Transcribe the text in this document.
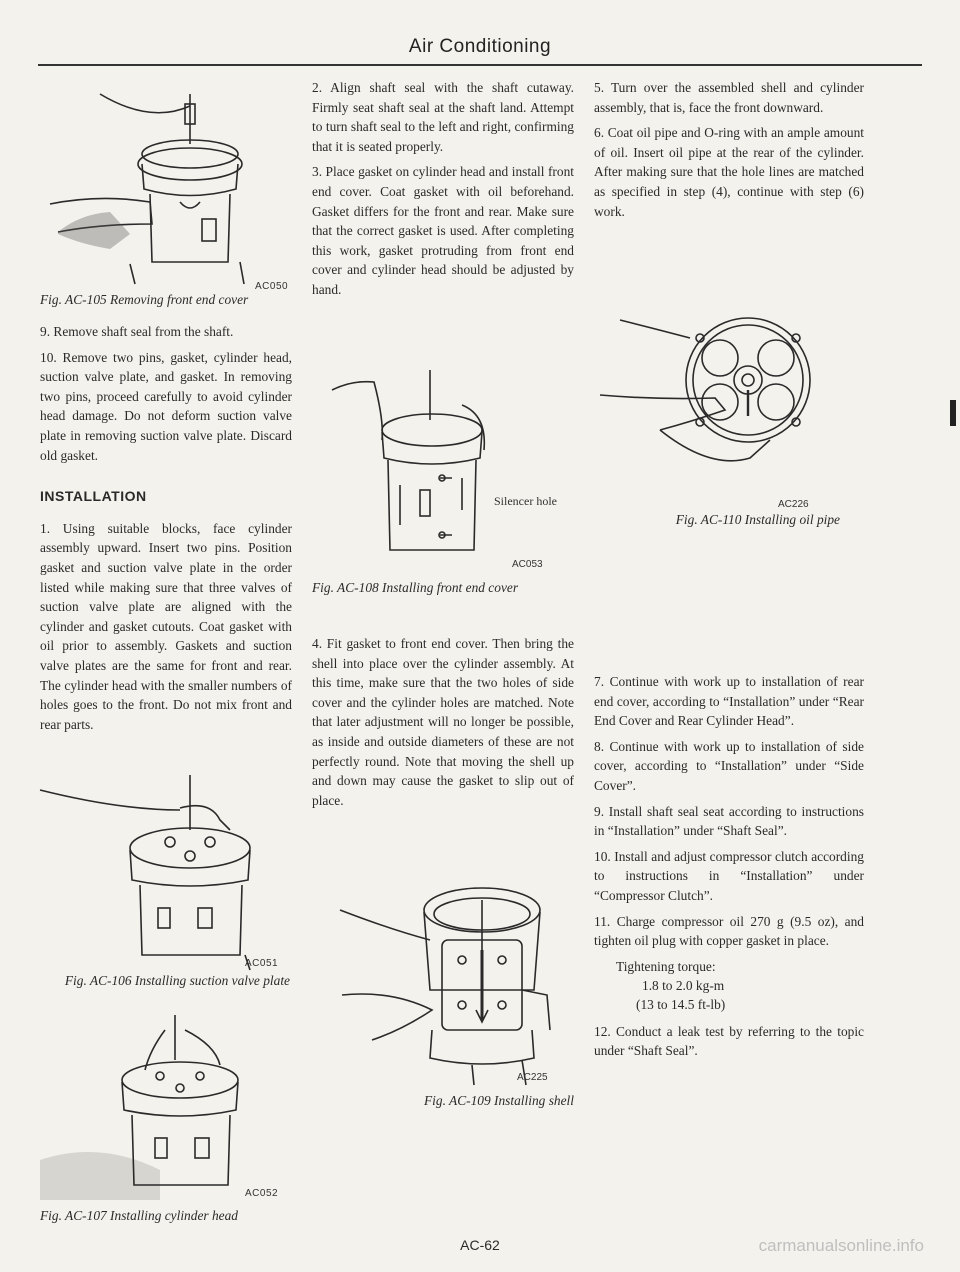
Air Conditioning
AC050
Fig. AC-105 Removing front end cover

9. Remove shaft seal from the shaft.

10. Remove two pins, gasket, cylinder head, suction valve plate, and gasket. In removing two pins, proceed carefully to avoid cylinder head damage. Do not deform suction valve plate in removing suction valve plate. Discard old gasket.

INSTALLATION

1. Using suitable blocks, face cylinder assembly upward. Insert two pins. Position gasket and suction valve plate in the order listed while making sure that three valves of suction valve plate are aligned with the cylinder and gasket cutouts. Coat gasket with oil prior to assembly. Gaskets and suction valve plates are the same for front and rear. The cylinder head with the smaller numbers of holes goes to the front. Do not mix front and rear parts.

AC051
Fig. AC-106 Installing suction valve plate
AC052
Fig. AC-107 Installing cylinder head

2. Align shaft seal with the shaft cutaway. Firmly seat shaft seal at the shaft land. Attempt to turn shaft seal to the left and right, confirming that it is seated properly.

3. Place gasket on cylinder head and install front end cover. Coat gasket with oil beforehand. Gasket differs for the front and rear. Make sure that the correct gasket is used. After completing this work, gasket protruding from front end cover and cylinder head should be adjusted by hand.

Silencer hole
AC053
Fig. AC-108 Installing front end cover

4. Fit gasket to front end cover. Then bring the shell into place over the cylinder assembly. At this time, make sure that the two holes of side cover and the cylinder holes are matched. Note that later adjustment will no longer be possible, as inside and outside diameters of these are not perfectly round. Note that moving the shell up and down may cause the gasket to slip out of place.

AC225
Fig. AC-109 Installing shell

5. Turn over the assembled shell and cylinder assembly, that is, face the front downward.

6. Coat oil pipe and O-ring with an ample amount of oil. Insert oil pipe at the rear of the cylinder. After making sure that the hole lines are matched as specified in step (4), continue with step (6) work.

AC226
Fig. AC-110 Installing oil pipe

7. Continue with work up to installation of rear end cover, according to “Installation” under “Rear End Cover and Rear Cylinder Head”.

8. Continue with work up to installation of side cover, according to “Installation” under “Side Cover”.

9. Install shaft seal seat according to instructions in “Installation” under “Shaft Seal”.

10. Install and adjust compressor clutch according to instructions in “Installation” under “Compressor Clutch”.

11. Charge compressor oil 270 g (9.5 oz), and tighten oil plug with copper gasket in place.

Tightening torque:
1.8 to 2.0 kg-m
(13 to 14.5 ft-lb)

12. Conduct a leak test by referring to the topic under “Shaft Seal”.

AC-62	carmanualsonline.info
